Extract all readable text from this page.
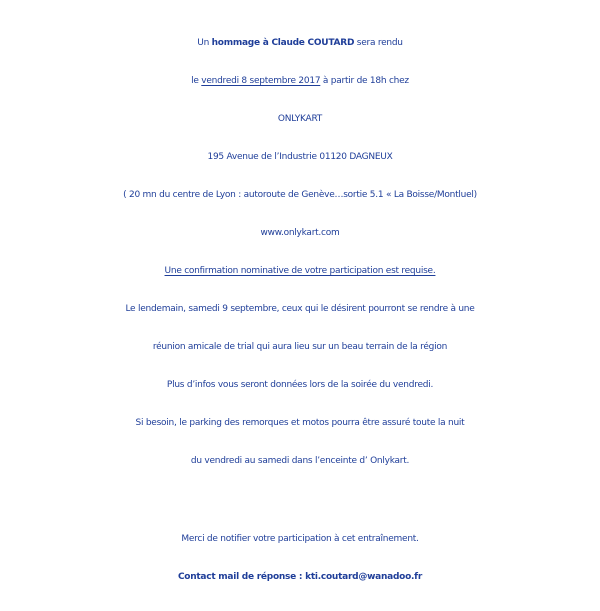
Un hommage à Claude COUTARD sera rendu
le vendredi 8 septembre 2017 à partir de 18h chez
ONLYKART
195 Avenue de l’Industrie 01120 DAGNEUX
( 20 mn du centre de Lyon : autoroute de Genève…sortie 5.1 « La Boisse/Montluel)
www.onlykart.com
Une confirmation nominative de votre participation est requise.
Le lendemain, samedi 9 septembre, ceux qui le désirent pourront se rendre à une
réunion amicale de trial qui aura lieu sur un beau terrain de la région
Plus d’infos vous seront données lors de la soirée du vendredi.
Si besoin, le parking des remorques et motos pourra être assuré toute la nuit
du vendredi au samedi dans l’enceinte d’ Onlykart.
Merci de notifier votre participation à cet entraînement.
Contact mail de réponse : kti.coutard@wanadoo.fr
